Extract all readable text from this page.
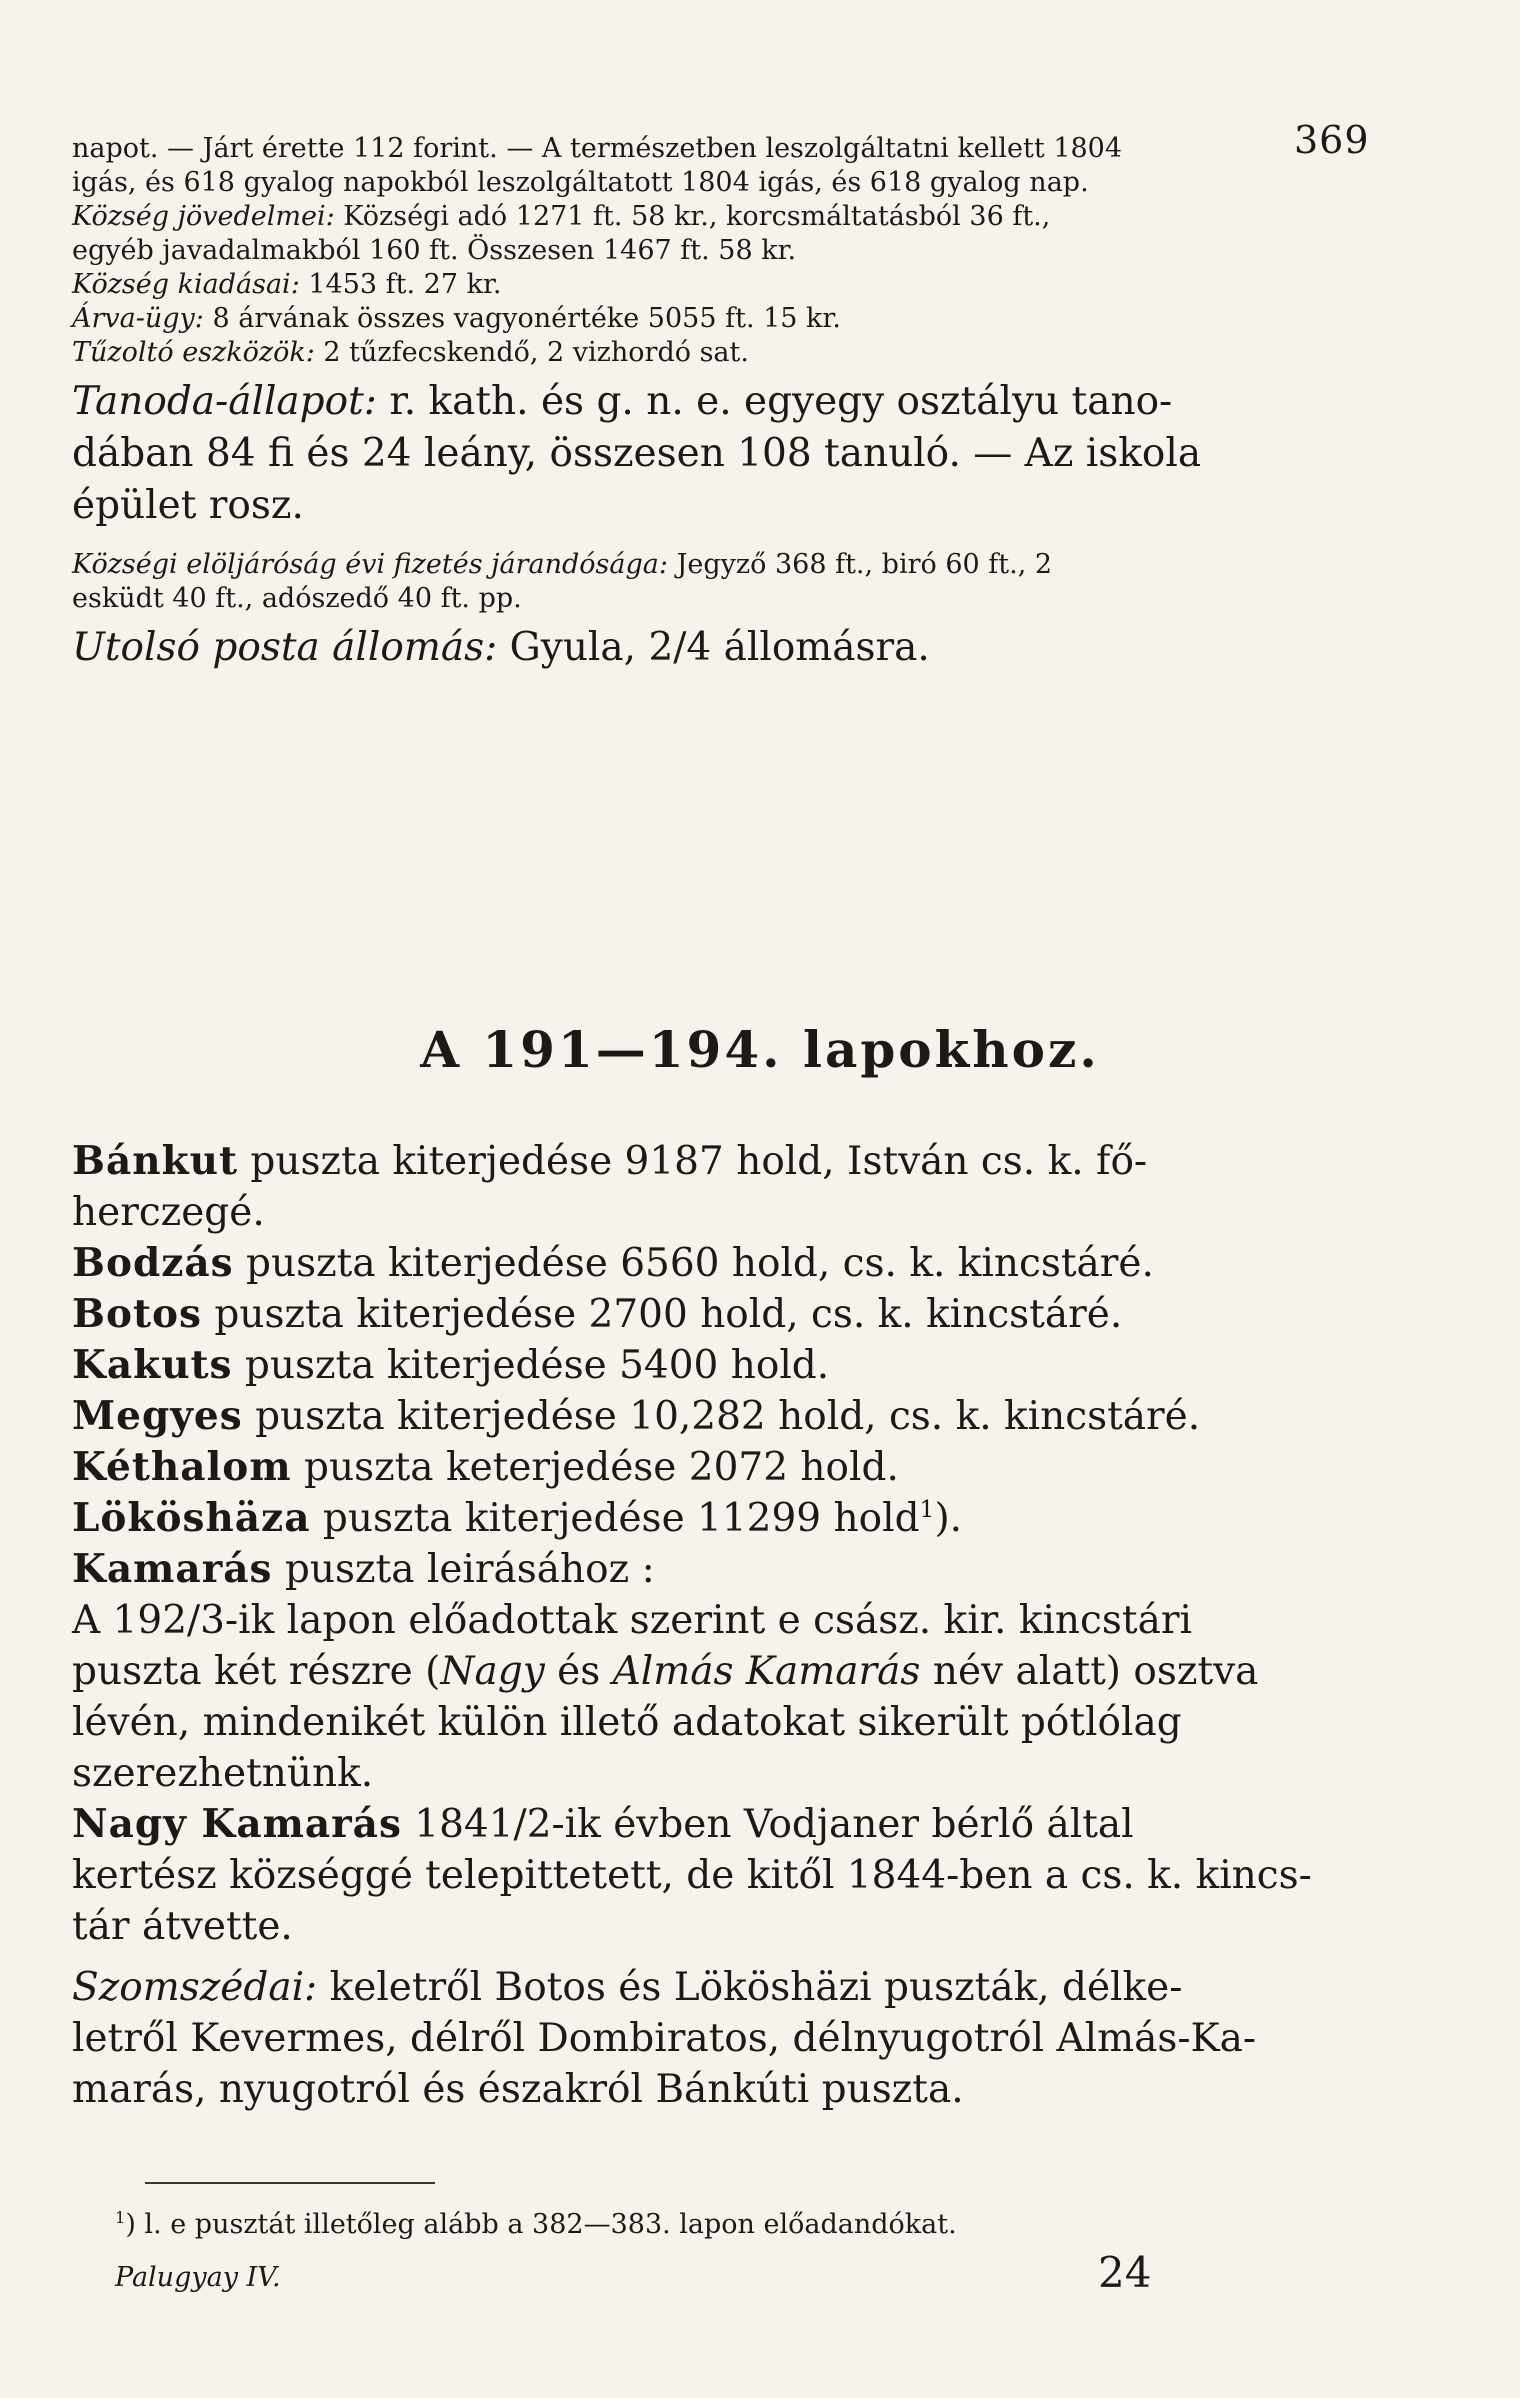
369
napot. — Járt érette 112 forint. — A természetben leszolgáltatni kellett 1804
igás, és 618 gyalog napokból leszolgáltatott 1804 igás, és 618 gyalog nap.
Község jövedelmei: Községi adó 1271 ft. 58 kr., korcsmáltatásból 36 ft.,
egyéb javadalmakból 160 ft. Összesen 1467 ft. 58 kr.
Község kiadásai: 1453 ft. 27 kr.
Árva-ügy: 8 árvának összes vagyonértéke 5055 ft. 15 kr.
Tűzoltó eszközök: 2 tűzfecskendő, 2 vizhordó sat.
Tanoda-állapot: r. kath. és g. n. e. egyegy osztályu tano-
dában 84 fi és 24 leány, összesen 108 tanuló. — Az iskola
épület rosz.
Községi elöljáróság évi fizetés járandósága: Jegyző 368 ft., biró 60 ft., 2
esküdt 40 ft., adószedő 40 ft. pp.
Utolsó posta állomás: Gyula, 2/4 állomásra.
A 191—194. lapokhoz.
Bánkut puszta kiterjedése 9187 hold, István cs. k. fő-
herczegé.
Bodzás puszta kiterjedése 6560 hold, cs. k. kincstáré.
Botos puszta kiterjedése 2700 hold, cs. k. kincstáré.
Kakuts puszta kiterjedése 5400 hold.
Megyes puszta kiterjedése 10,282 hold, cs. k. kincstáré.
Kéthalom puszta keterjedése 2072 hold.
Lököshäza puszta kiterjedése 11299 hold$^1$).
Kamarás puszta leirásához :
A 192/3-ik lapon előadottak szerint e csász. kir. kincstári
puszta két részre (Nagy és Almás Kamarás név alatt) osztva
lévén, mindenikét külön illető adatokat sikerült pótlólag
szerezhetnünk.
Nagy Kamarás 1841/2-ik évben Vodjaner bérlő által
kertész községgé telepittetett, de kitől 1844-ben a cs. k. kincs-
tár átvette.
Szomszédai: keletről Botos és Lököshäzi puszták, délke-
letről Kevermes, délről Dombiratos, délnyugotról Almás-Ka-
marás, nyugotról és északról Bánkúti puszta.
$^1$) l. e pusztát illetőleg alább a 382—383. lapon előadandókat.
Palugyay IV.	24
